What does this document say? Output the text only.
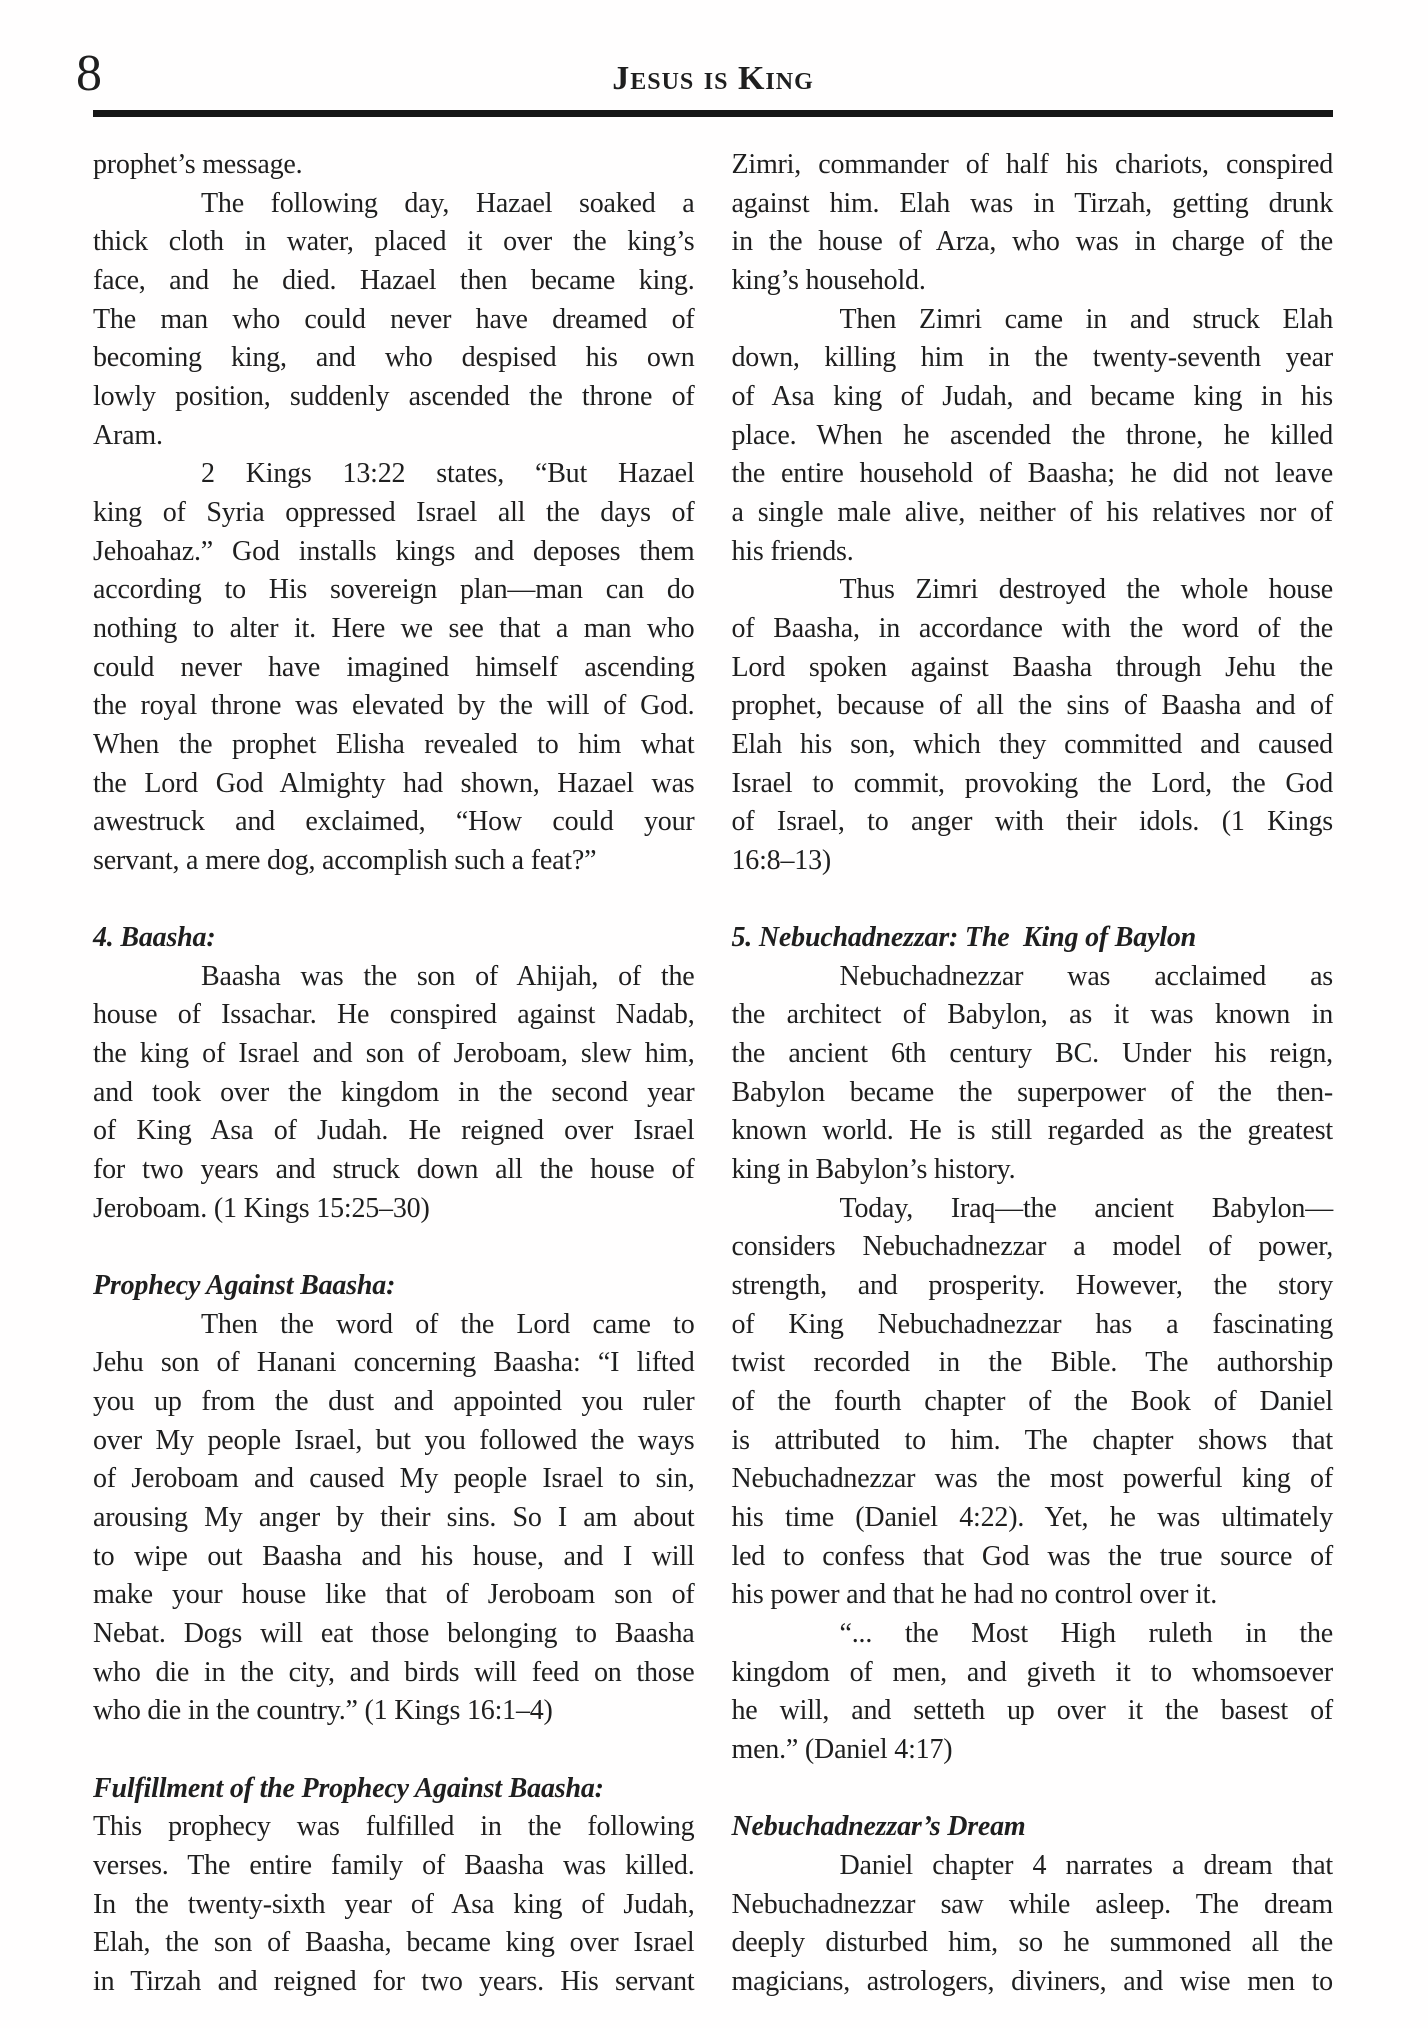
8	Jesus is King
prophet’s message.
The following day, Hazael soaked a
thick cloth in water, placed it over the king’s
face, and he died. Hazael then became king.
The man who could never have dreamed of
becoming king, and who despised his own
lowly position, suddenly ascended the throne of
Aram.
2 Kings 13:22 states, “But Hazael
king of Syria oppressed Israel all the days of
Jehoahaz.” God installs kings and deposes them
according to His sovereign plan—man can do
nothing to alter it. Here we see that a man who
could never have imagined himself ascending
the royal throne was elevated by the will of God.
When the prophet Elisha revealed to him what
the Lord God Almighty had shown, Hazael was
awestruck and exclaimed, “How could your
servant, a mere dog, accomplish such a feat?”
4. Baasha:
Baasha was the son of Ahijah, of the
house of Issachar. He conspired against Nadab,
the king of Israel and son of Jeroboam, slew him,
and took over the kingdom in the second year
of King Asa of Judah. He reigned over Israel
for two years and struck down all the house of
Jeroboam. (1 Kings 15:25–30)
Prophecy Against Baasha:
Then the word of the Lord came to
Jehu son of Hanani concerning Baasha: “I lifted
you up from the dust and appointed you ruler
over My people Israel, but you followed the ways
of Jeroboam and caused My people Israel to sin,
arousing My anger by their sins. So I am about
to wipe out Baasha and his house, and I will
make your house like that of Jeroboam son of
Nebat. Dogs will eat those belonging to Baasha
who die in the city, and birds will feed on those
who die in the country.” (1 Kings 16:1–4)
Fulfillment of the Prophecy Against Baasha:
This prophecy was fulfilled in the following
verses. The entire family of Baasha was killed.
In the twenty-sixth year of Asa king of Judah,
Elah, the son of Baasha, became king over Israel
in Tirzah and reigned for two years. His servant
Zimri, commander of half his chariots, conspired
against him. Elah was in Tirzah, getting drunk
in the house of Arza, who was in charge of the
king’s household.
Then Zimri came in and struck Elah
down, killing him in the twenty-seventh year
of Asa king of Judah, and became king in his
place. When he ascended the throne, he killed
the entire household of Baasha; he did not leave
a single male alive, neither of his relatives nor of
his friends.
Thus Zimri destroyed the whole house
of Baasha, in accordance with the word of the
Lord spoken against Baasha through Jehu the
prophet, because of all the sins of Baasha and of
Elah his son, which they committed and caused
Israel to commit, provoking the Lord, the God
of Israel, to anger with their idols. (1 Kings
16:8–13)
5. Nebuchadnezzar: The  King of Baylon
Nebuchadnezzar was acclaimed as
the architect of Babylon, as it was known in
the ancient 6th century BC. Under his reign,
Babylon became the superpower of the then-
known world. He is still regarded as the greatest
king in Babylon’s history.
Today, Iraq—the ancient Babylon—
considers Nebuchadnezzar a model of power,
strength, and prosperity. However, the story
of King Nebuchadnezzar has a fascinating
twist recorded in the Bible. The authorship
of the fourth chapter of the Book of Daniel
is attributed to him. The chapter shows that
Nebuchadnezzar was the most powerful king of
his time (Daniel 4:22). Yet, he was ultimately
led to confess that God was the true source of
his power and that he had no control over it.
“... the Most High ruleth in the
kingdom of men, and giveth it to whomsoever
he will, and setteth up over it the basest of
men.” (Daniel 4:17)
Nebuchadnezzar’s Dream
Daniel chapter 4 narrates a dream that
Nebuchadnezzar saw while asleep. The dream
deeply disturbed him, so he summoned all the
magicians, astrologers, diviners, and wise men to
